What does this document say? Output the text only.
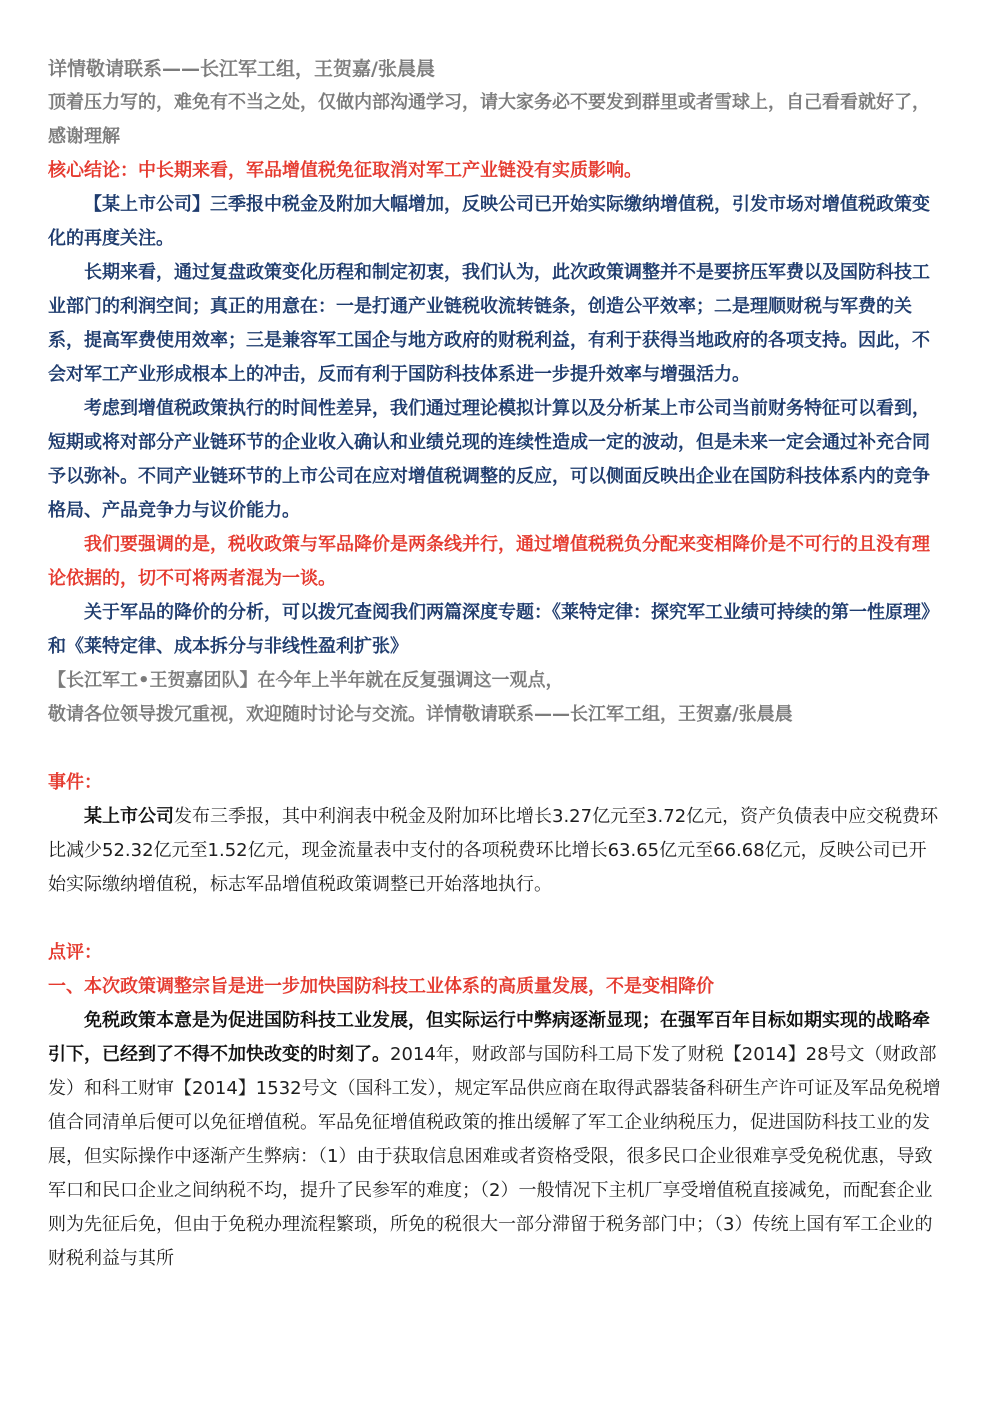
详情敬请联系——长江军工组，王贺嘉/张晨晨

顶着压力写的，难免有不当之处，仅做内部沟通学习，请大家务必不要发到群里或者雪球上，自己看看就好了，感谢理解

核心结论：中长期来看，军品增值税免征取消对军工产业链没有实质影响。

【某上市公司】三季报中税金及附加大幅增加，反映公司已开始实际缴纳增值税，引发市场对增值税政策变化的再度关注。

长期来看，通过复盘政策变化历程和制定初衷，我们认为，此次政策调整并不是要挤压军费以及国防科技工业部门的利润空间；真正的用意在：一是打通产业链税收流转链条，创造公平效率；二是理顺财税与军费的关系，提高军费使用效率；三是兼容军工国企与地方政府的财税利益，有利于获得当地政府的各项支持。因此，不会对军工产业形成根本上的冲击，反而有利于国防科技体系进一步提升效率与增强活力。

考虑到增值税政策执行的时间性差异，我们通过理论模拟计算以及分析某上市公司当前财务特征可以看到，短期或将对部分产业链环节的企业收入确认和业绩兑现的连续性造成一定的波动，但是未来一定会通过补充合同予以弥补。不同产业链环节的上市公司在应对增值税调整的反应，可以侧面反映出企业在国防科技体系内的竞争格局、产品竞争力与议价能力。

我们要强调的是，税收政策与军品降价是两条线并行，通过增值税税负分配来变相降价是不可行的且没有理论依据的，切不可将两者混为一谈。

关于军品的降价的分析，可以拨冗查阅我们两篇深度专题：《莱特定律：探究军工业绩可持续的第一性原理》和《莱特定律、成本拆分与非线性盈利扩张》

【长江军工•王贺嘉团队】在今年上半年就在反复强调这一观点，

敬请各位领导拨冗重视，欢迎随时讨论与交流。详情敬请联系——长江军工组，王贺嘉/张晨晨

事件：

某上市公司发布三季报，其中利润表中税金及附加环比增长3.27亿元至3.72亿元，资产负债表中应交税费环比减少52.32亿元至1.52亿元，现金流量表中支付的各项税费环比增长63.65亿元至66.68亿元，反映公司已开始实际缴纳增值税，标志军品增值税政策调整已开始落地执行。

点评：

一、本次政策调整宗旨是进一步加快国防科技工业体系的高质量发展，不是变相降价

免税政策本意是为促进国防科技工业发展，但实际运行中弊病逐渐显现；在强军百年目标如期实现的战略牵引下，已经到了不得不加快改变的时刻了。2014年，财政部与国防科工局下发了财税【2014】28号文（财政部发）和科工财审【2014】1532号文（国科工发），规定军品供应商在取得武器装备科研生产许可证及军品免税增值合同清单后便可以免征增值税。军品免征增值税政策的推出缓解了军工企业纳税压力，促进国防科技工业的发展，但实际操作中逐渐产生弊病：（1）由于获取信息困难或者资格受限，很多民口企业很难享受免税优惠，导致军口和民口企业之间纳税不均，提升了民参军的难度；（2）一般情况下主机厂享受增值税直接减免，而配套企业则为先征后免，但由于免税办理流程繁琐，所免的税很大一部分滞留于税务部门中；（3）传统上国有军工企业的财税利益与其所
